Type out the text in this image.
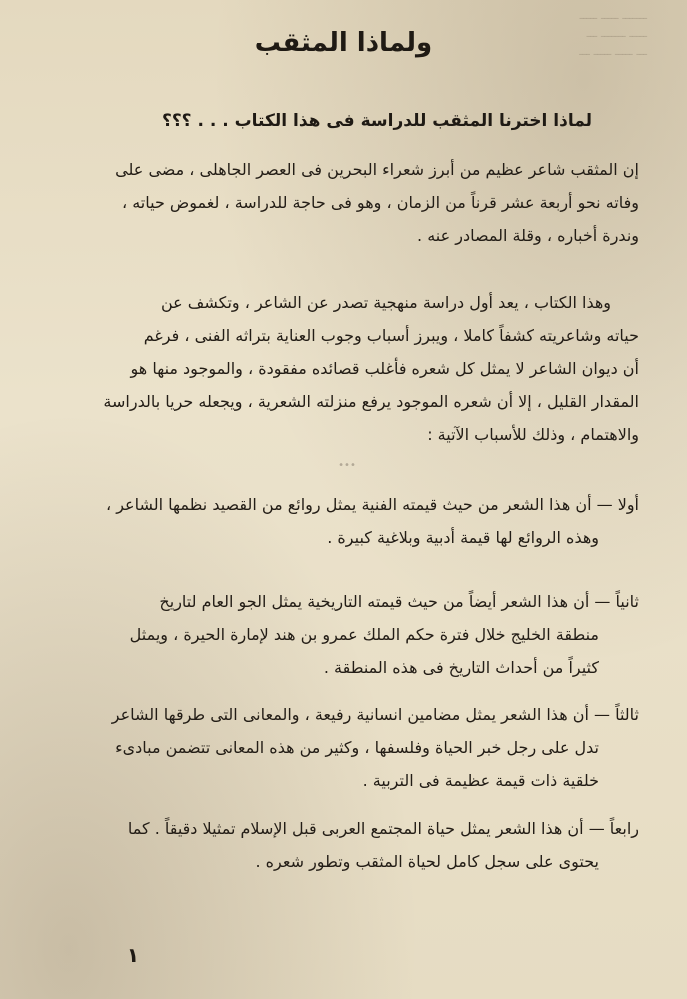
ـــــــ ـــــ ـــــ
ـــــ ـــــــ ـــ
ـــ ـــــ ـــــ ـــ
ولماذا المثقب
لماذا اخترنا المثقب للدراسة فى هذا الكتاب . . . ؟؟؟
إن المثقب شاعر عظيم من أبرز شعراء البحرين فى العصر الجاهلى ، مضى على
وفاته نحو أربعة عشر قرناً من الزمان ، وهو فى حاجة للدراسة ، لغموض حياته ،
وندرة أخباره ، وقلة المصادر عنه .
وهذا الكتاب ، يعد أول دراسة منهجية تصدر عن الشاعر ، وتكشف عن
حياته وشاعريته كشفاً كاملا ، ويبرز أسباب وجوب العناية بتراثه الفنى ، فرغم
أن ديوان الشاعر لا يمثل كل شعره فأغلب قصائده مفقودة ، والموجود منها هو
المقدار القليل ، إلا أن شعره الموجود يرفع منزلته الشعرية ، ويجعله حريا بالدراسة
والاهتمام ، وذلك للأسباب الآتية :
•••
أولا — أن هذا الشعر من حيث قيمته الفنية يمثل روائع من القصيد نظمها الشاعر ،
وهذه الروائع لها قيمة أدبية وبلاغية كبيرة .
ثانياً — أن هذا الشعر أيضاً من حيث قيمته التاريخية يمثل الجو العام لتاريخ
منطقة الخليج خلال فترة حكم الملك عمرو بن هند لإمارة الحيرة ، ويمثل
كثيراً من أحداث التاريخ فى هذه المنطقة .
ثالثاً — أن هذا الشعر يمثل مضامين انسانية رفيعة ، والمعانى التى طرقها الشاعر
تدل على رجل خبر الحياة وفلسفها ، وكثير من هذه المعانى تتضمن مبادىء
خلقية ذات قيمة عظيمة فى التربية .
رابعاً — أن هذا الشعر يمثل حياة المجتمع العربى قبل الإسلام تمثيلا دقيقاً . كما
يحتوى على سجل كامل لحياة المثقب وتطور شعره .
١
